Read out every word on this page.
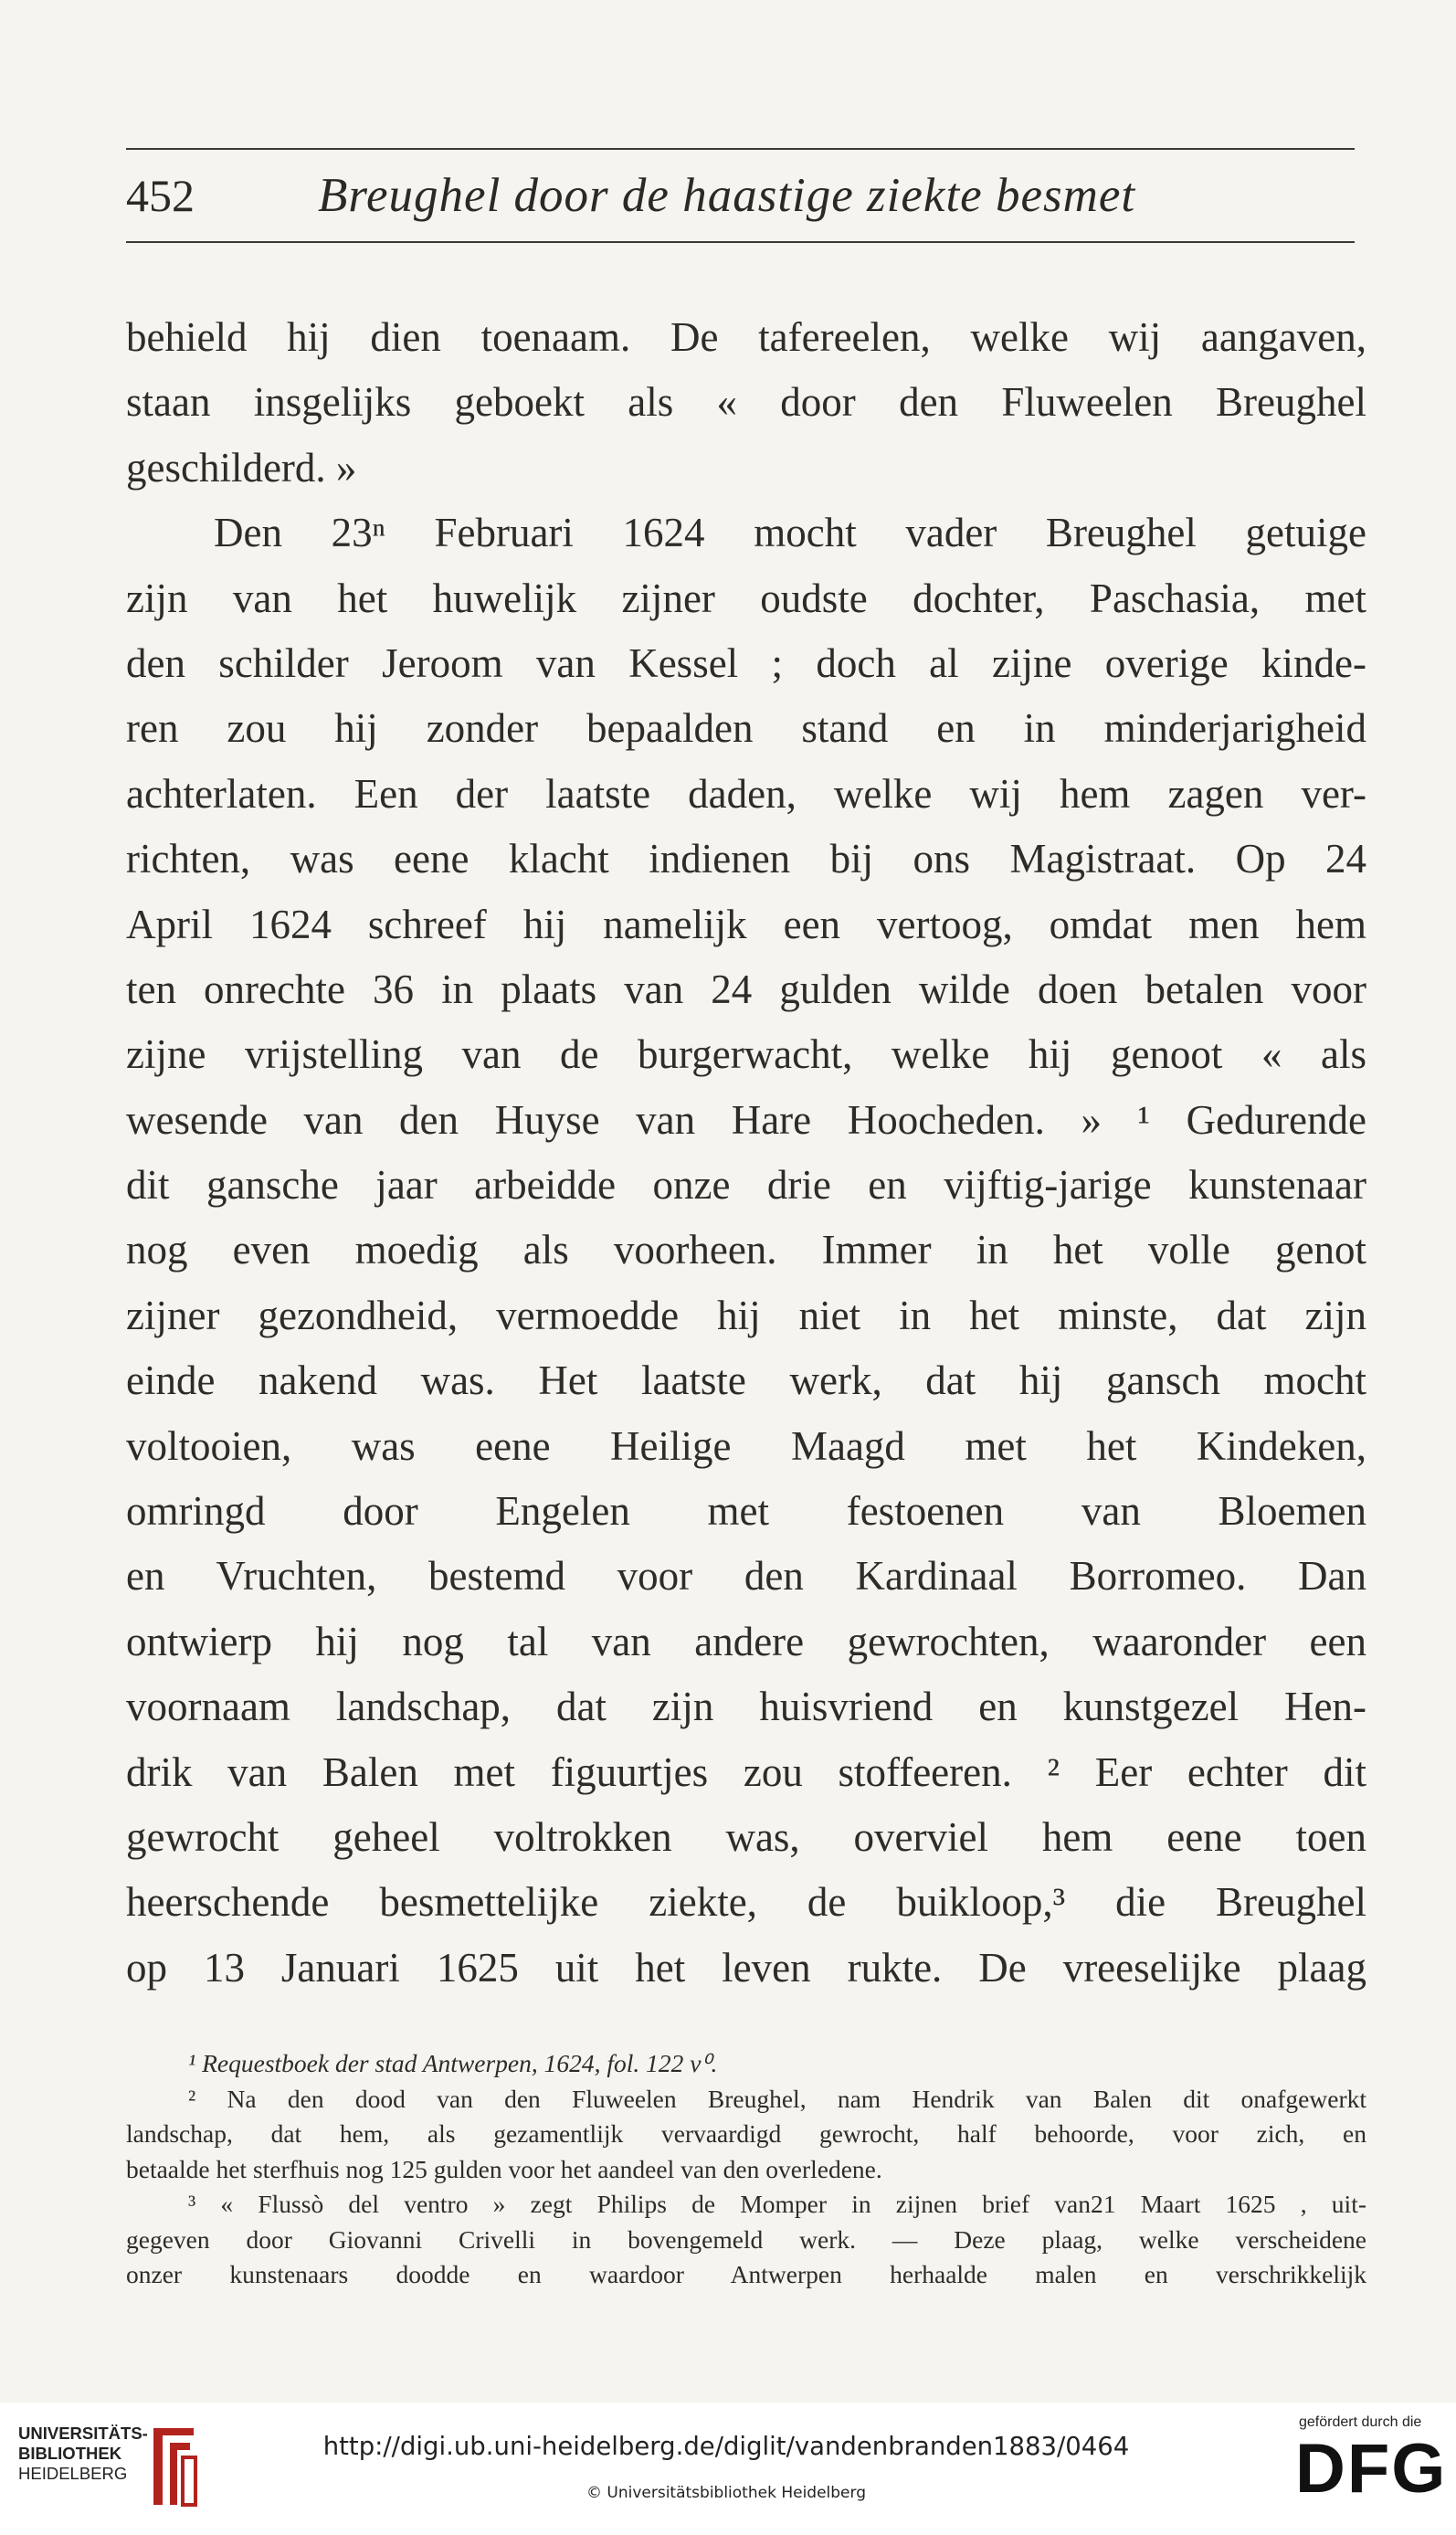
452	Breughel door de haastige ziekte besmet
behield hij dien toenaam. De tafereelen, welke wij aangaven,
staan insgelijks geboekt als « door den Fluweelen Breughel
geschilderd. »
Den 23ⁿ Februari 1624 mocht vader Breughel getuige
zijn van het huwelijk zijner oudste dochter, Paschasia, met
den schilder Jeroom van Kessel ; doch al zijne overige kinde-
ren zou hij zonder bepaalden stand en in minderjarigheid
achterlaten. Een der laatste daden, welke wij hem zagen ver-
richten, was eene klacht indienen bij ons Magistraat. Op 24
April 1624 schreef hij namelijk een vertoog, omdat men hem
ten onrechte 36 in plaats van 24 gulden wilde doen betalen voor
zijne vrijstelling van de burgerwacht, welke hij genoot « als
wesende van den Huyse van Hare Hoocheden. » ¹ Gedurende
dit gansche jaar arbeidde onze drie en vijftig-jarige kunstenaar
nog even moedig als voorheen. Immer in het volle genot
zijner gezondheid, vermoedde hij niet in het minste, dat zijn
einde nakend was. Het laatste werk, dat hij gansch mocht
voltooien, was eene Heilige Maagd met het Kindeken,
omringd door Engelen met festoenen van Bloemen
en Vruchten, bestemd voor den Kardinaal Borromeo. Dan
ontwierp hij nog tal van andere gewrochten, waaronder een
voornaam landschap, dat zijn huisvriend en kunstgezel Hen-
drik van Balen met figuurtjes zou stoffeeren. ² Eer echter dit
gewrocht geheel voltrokken was, overviel hem eene toen
heerschende besmettelijke ziekte, de buikloop,³ die Breughel
op 13 Januari 1625 uit het leven rukte. De vreeselijke plaag
¹ Requestboek der stad Antwerpen, 1624, fol. 122 v⁰.
² Na den dood van den Fluweelen Breughel, nam Hendrik van Balen dit onafgewerkt
landschap, dat hem, als gezamentlijk vervaardigd gewrocht, half behoorde, voor zich, en
betaalde het sterfhuis nog 125 gulden voor het aandeel van den overledene.
³ « Flussò del ventro » zegt Philips de Momper in zijnen brief van21 Maart 1625 , uit-
gegeven door Giovanni Crivelli in bovengemeld werk. — Deze plaag, welke verscheidene
onzer kunstenaars doodde en waardoor Antwerpen herhaalde malen en verschrikkelijk
UNIVERSITÄTS-
BIBLIOTHEK
HEIDELBERG
http://digi.ub.uni-heidelberg.de/diglit/vandenbranden1883/0464
© Universitätsbibliothek Heidelberg
gefördert durch die
DFG
